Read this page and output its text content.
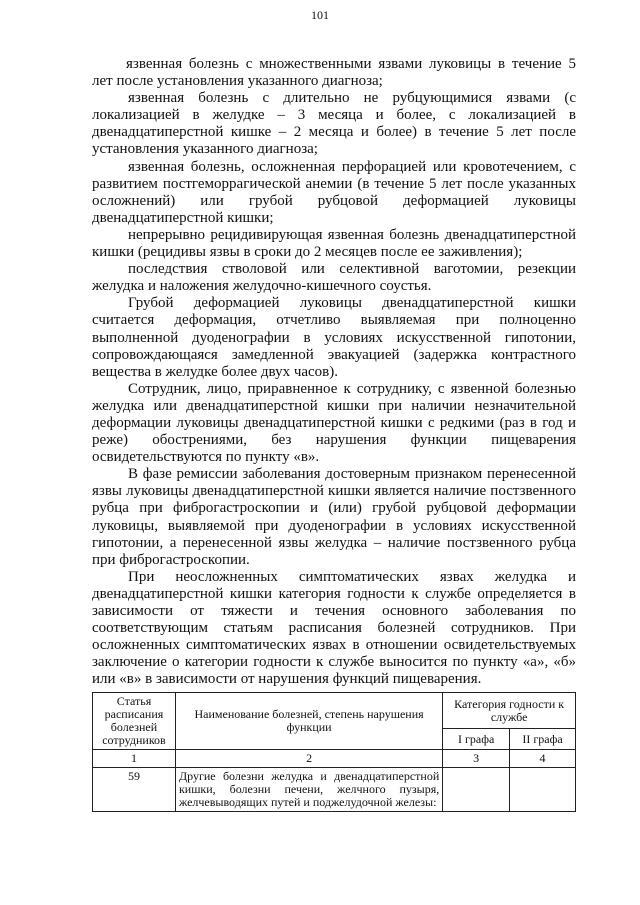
101

язвенная болезнь с множественными язвами луковицы в течение 5 лет после установления указанного диагноза;

язвенная болезнь с длительно не рубцующимися язвами (с локализацией в желудке – 3 месяца и более, с локализацией в двенадцатиперстной кишке – 2 месяца и более) в течение 5 лет после установления указанного диагноза;

язвенная болезнь, осложненная перфорацией или кровотечением, с развитием постгеморрагической анемии (в течение 5 лет после указанных осложнений) или грубой рубцовой деформацией луковицы двенадцатиперстной кишки;

непрерывно рецидивирующая язвенная болезнь двенадцатиперстной кишки (рецидивы язвы в сроки до 2 месяцев после ее заживления);

последствия стволовой или селективной ваготомии, резекции желудка и наложения желудочно-кишечного соустья.

Грубой деформацией луковицы двенадцатиперстной кишки считается деформация, отчетливо выявляемая при полноценно выполненной дуоденографии в условиях искусственной гипотонии, сопровождающаяся замедленной эвакуацией (задержка контрастного вещества в желудке более двух часов).

Сотрудник, лицо, приравненное к сотруднику, с язвенной болезнью желудка или двенадцатиперстной кишки при наличии незначительной деформации луковицы двенадцатиперстной кишки с редкими (раз в год и реже) обострениями, без нарушения функции пищеварения освидетельствуются по пункту «в».

В фазе ремиссии заболевания достоверным признаком перенесенной язвы луковицы двенадцатиперстной кишки является наличие постзвенного рубца при фиброгастроскопии и (или) грубой рубцовой деформации луковицы, выявляемой при дуоденографии в условиях искусственной гипотонии, а перенесенной язвы желудка – наличие постзвенного рубца при фиброгастроскопии.

При неосложненных симптоматических язвах желудка и двенадцатиперстной кишки категория годности к службе определяется в зависимости от тяжести и течения основного заболевания по соответствующим статьям расписания болезней сотрудников. При осложненных симптоматических язвах в отношении освидетельствуемых заключение о категории годности к службе выносится по пункту «а», «б» или «в» в зависимости от нарушения функций пищеварения.

Статья расписания болезней сотрудников	Наименование болезней, степень нарушения функции	Категория годности к службе	
		I графа	II графа
1	2	3	4
59	Другие болезни желудка и двенадцатиперстной кишки, болезни печени, желчного пузыря, желчевыводящих путей и поджелудочной железы:		
